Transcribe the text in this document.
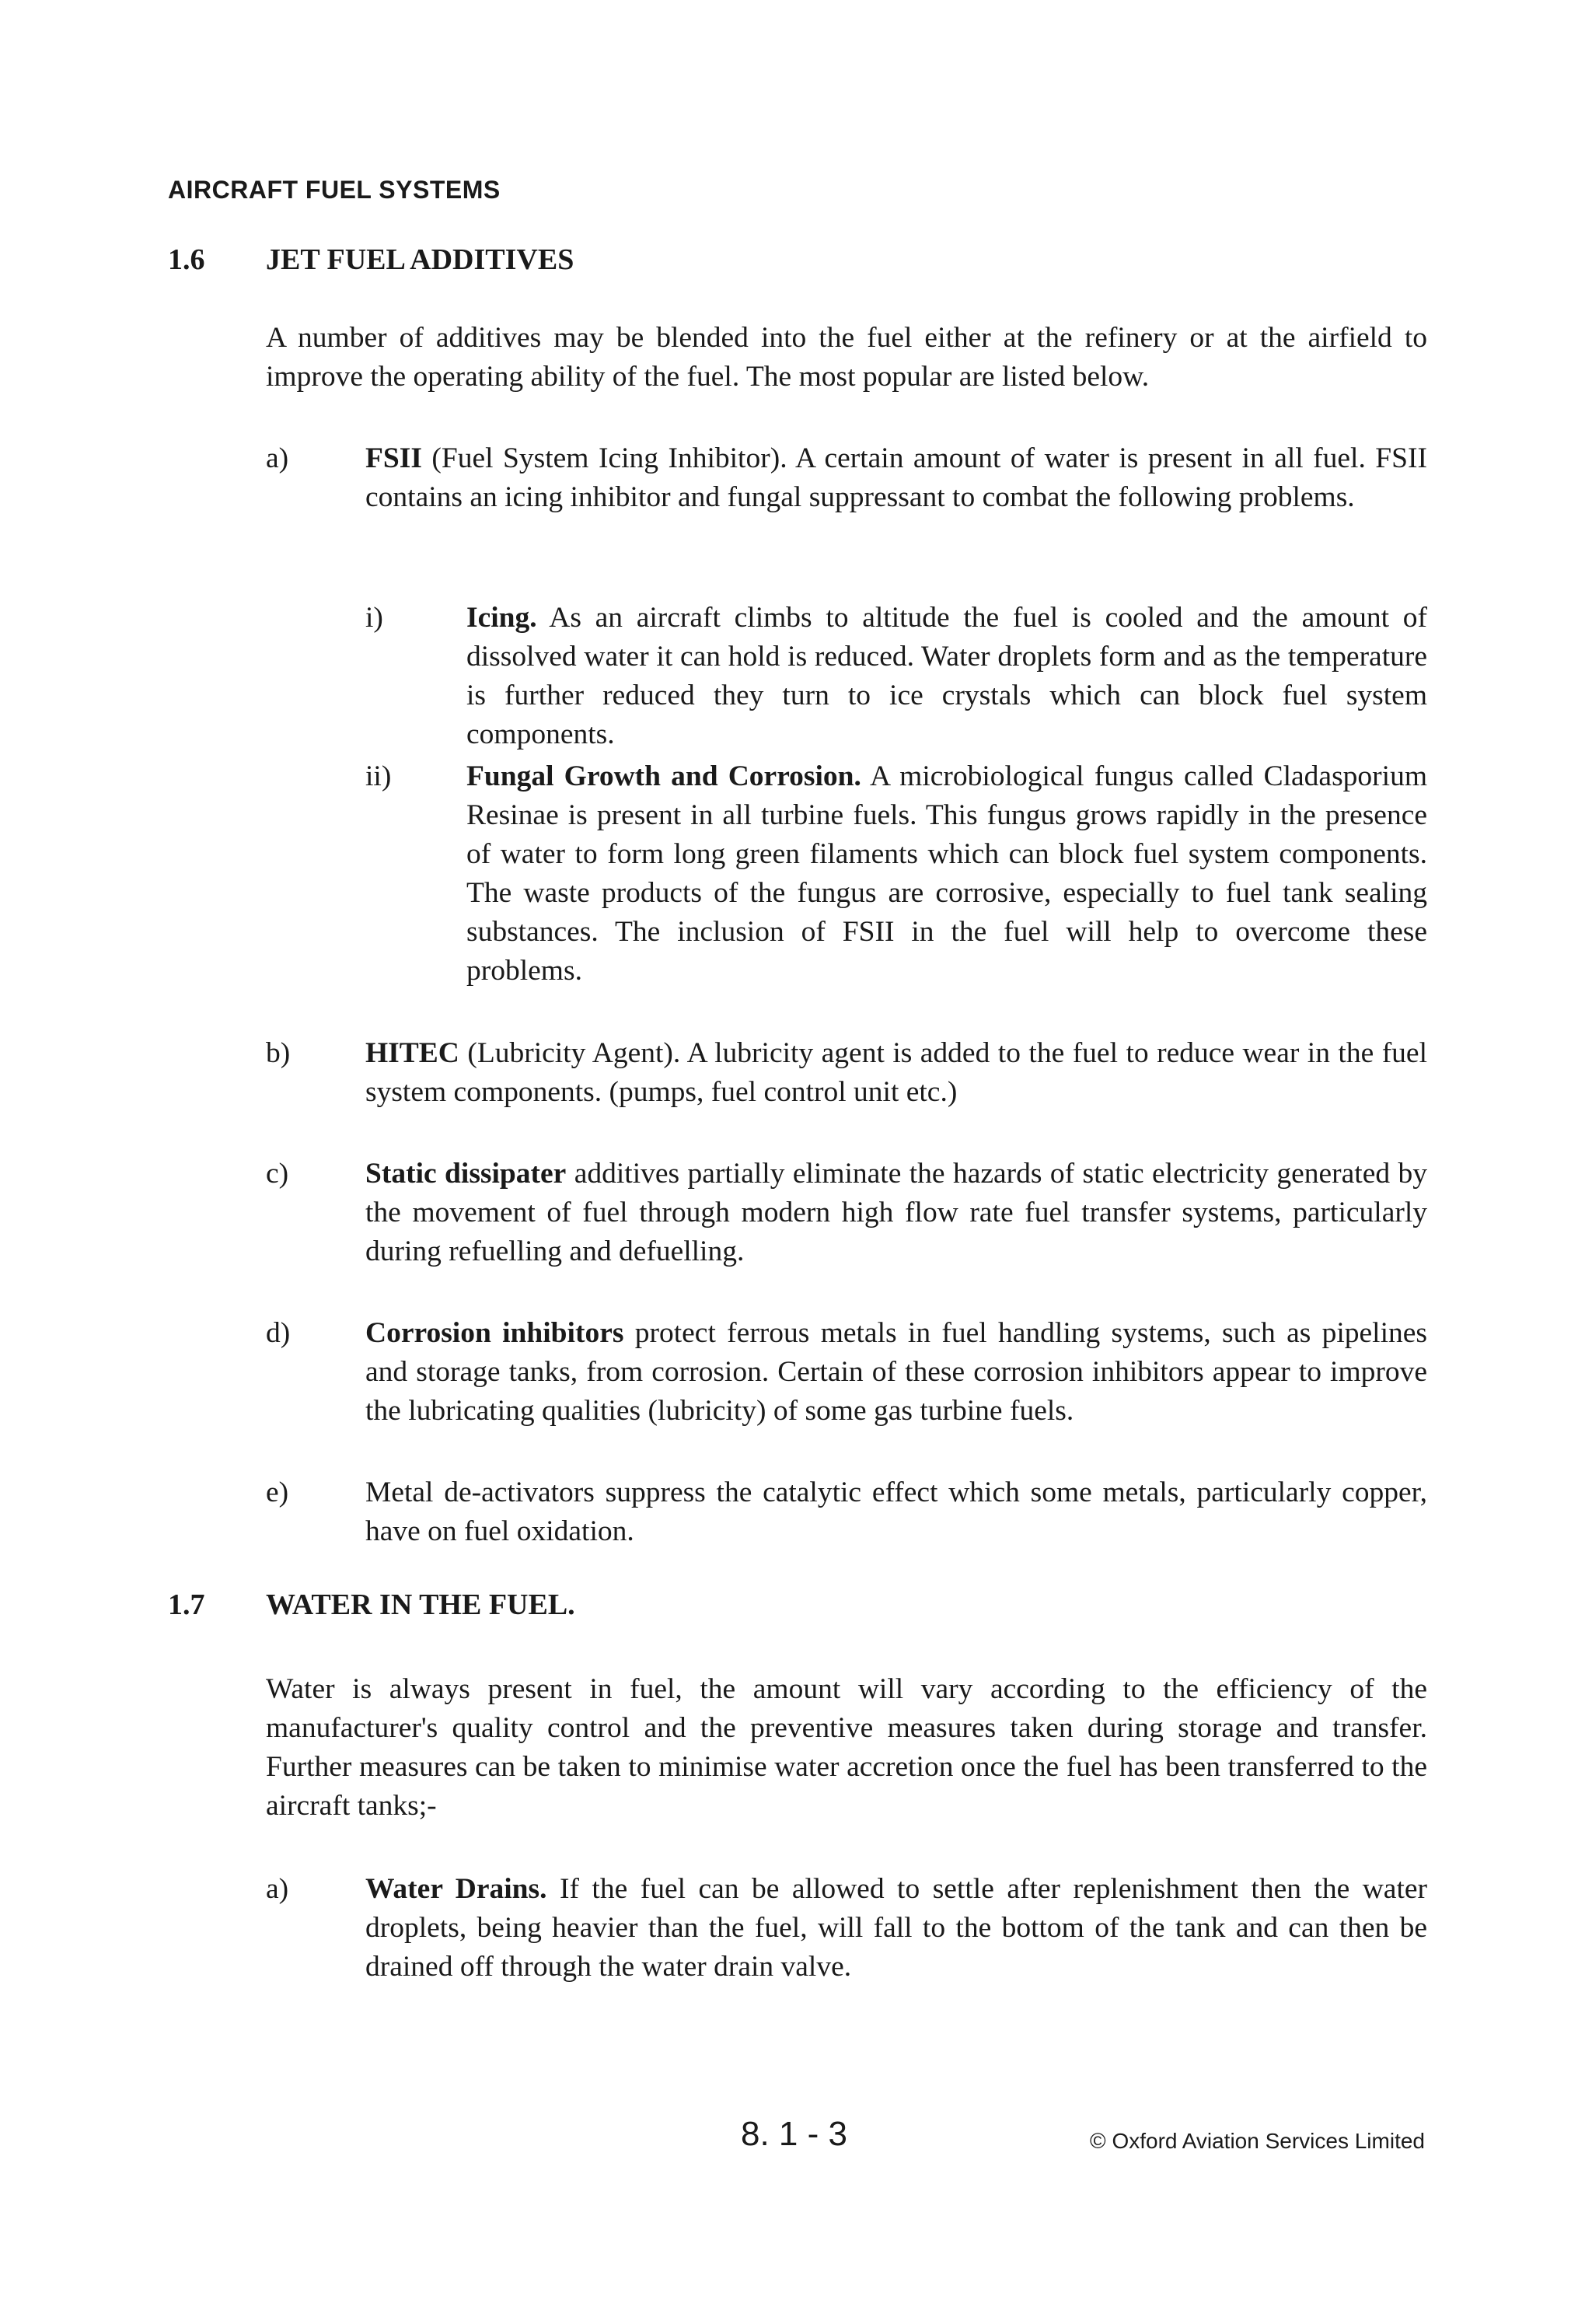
AIRCRAFT FUEL SYSTEMS
1.6 JET FUEL ADDITIVES
A number of additives may be blended into the fuel either at the refinery or at the airfield to improve the operating ability of the fuel. The most popular are listed below.
a)	FSII (Fuel System Icing Inhibitor). A certain amount of water is present in all fuel. FSII contains an icing inhibitor and fungal suppressant to combat the following problems.
i)	Icing. As an aircraft climbs to altitude the fuel is cooled and the amount of dissolved water it can hold is reduced. Water droplets form and as the temperature is further reduced they turn to ice crystals which can block fuel system components.
ii)	Fungal Growth and Corrosion. A microbiological fungus called Cladasporium Resinae is present in all turbine fuels. This fungus grows rapidly in the presence of water to form long green filaments which can block fuel system components. The waste products of the fungus are corrosive, especially to fuel tank sealing substances. The inclusion of FSII in the fuel will help to overcome these problems.
b)	HITEC (Lubricity Agent). A lubricity agent is added to the fuel to reduce wear in the fuel system components. (pumps, fuel control unit etc.)
c)	Static dissipater additives partially eliminate the hazards of static electricity generated by the movement of fuel through modern high flow rate fuel transfer systems, particularly during refuelling and defuelling.
d)	Corrosion inhibitors protect ferrous metals in fuel handling systems, such as pipelines and storage tanks, from corrosion. Certain of these corrosion inhibitors appear to improve the lubricating qualities (lubricity) of some gas turbine fuels.
e)	Metal de-activators suppress the catalytic effect which some metals, particularly copper, have on fuel oxidation.
1.7 WATER IN THE FUEL.
Water is always present in fuel, the amount will vary according to the efficiency of the manufacturer's quality control and the preventive measures taken during storage and transfer. Further measures can be taken to minimise water accretion once the fuel has been transferred to the aircraft tanks;-
a)	Water Drains. If the fuel can be allowed to settle after replenishment then the water droplets, being heavier than the fuel, will fall to the bottom of the tank and can then be drained off through the water drain valve.
8. 1 - 3	© Oxford Aviation Services Limited
